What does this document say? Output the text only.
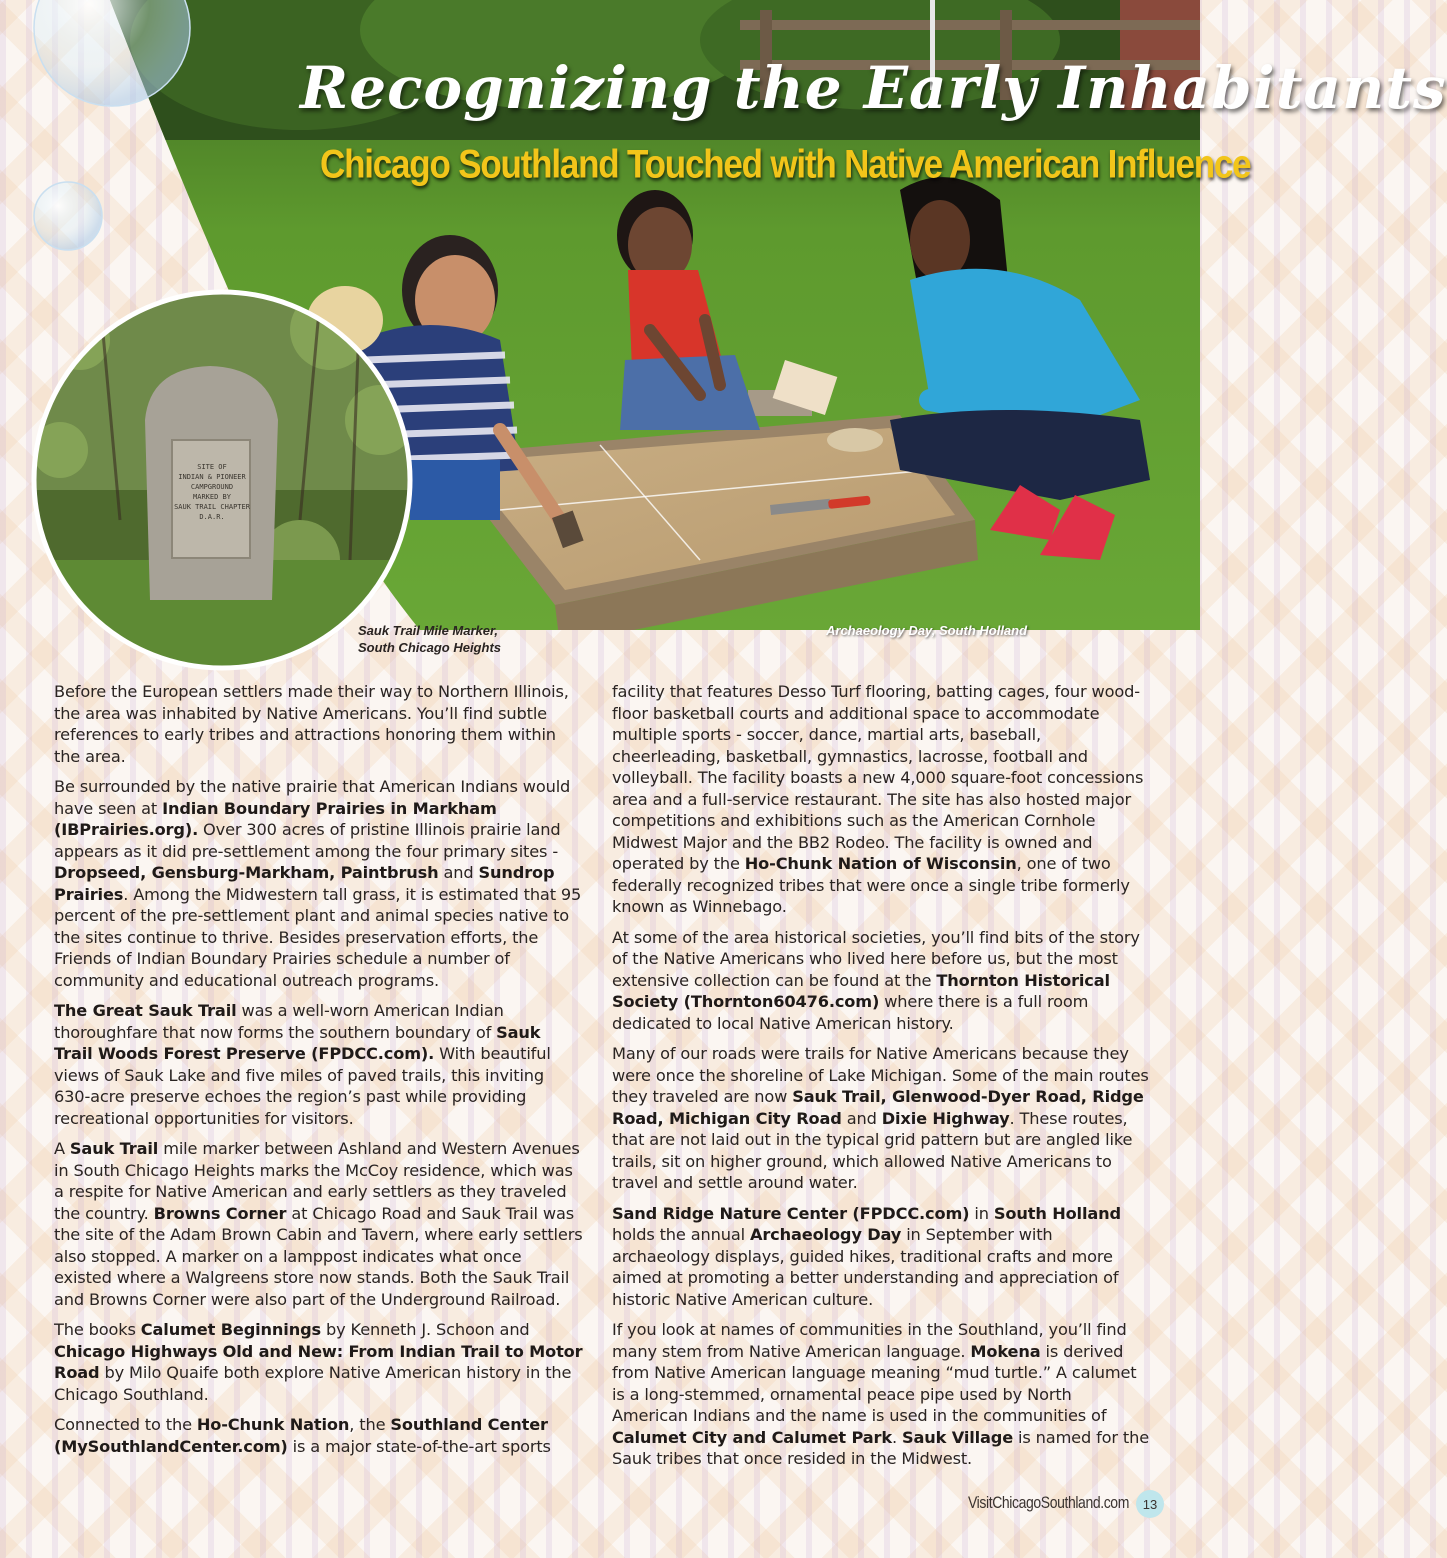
SITE OF
INDIAN & PIONEER
CAMPGROUND
MARKED BY
SAUK TRAIL CHAPTER
D.A.R.
Recognizing the Early Inhabitants
Chicago Southland Touched with Native American Influence
Sauk Trail Mile Marker,
South Chicago Heights
Archaeology Day, South Holland

Before the European settlers made their way to Northern Illinois, the area was inhabited by Native Americans. You’ll find subtle references to early tribes and attractions honoring them within the area.

Be surrounded by the native prairie that American Indians would have seen at Indian Boundary Prairies in Markham (IBPrairies.org). Over 300 acres of pristine Illinois prairie land appears as it did pre-settlement among the four primary sites - Dropseed, Gensburg-Markham, Paintbrush and Sundrop Prairies. Among the Midwestern tall grass, it is estimated that 95 percent of the pre-settlement plant and animal species native to the sites continue to thrive. Besides preservation efforts, the Friends of Indian Boundary Prairies schedule a number of community and educational outreach programs.

The Great Sauk Trail was a well-worn American Indian thoroughfare that now forms the southern boundary of Sauk Trail Woods Forest Preserve (FPDCC.com). With beautiful views of Sauk Lake and five miles of paved trails, this inviting 630-acre preserve echoes the region’s past while providing recreational opportunities for visitors.

A Sauk Trail mile marker between Ashland and Western Avenues in South Chicago Heights marks the McCoy residence, which was a respite for Native American and early settlers as they traveled the country. Browns Corner at Chicago Road and Sauk Trail was the site of the Adam Brown Cabin and Tavern, where early settlers also stopped. A marker on a lamppost indicates what once existed where a Walgreens store now stands. Both the Sauk Trail and Browns Corner were also part of the Underground Railroad.

The books Calumet Beginnings by Kenneth J. Schoon and Chicago Highways Old and New: From Indian Trail to Motor Road by Milo Quaife both explore Native American history in the Chicago Southland.

Connected to the Ho-Chunk Nation, the Southland Center (MySouthlandCenter.com) is a major state-of-the-art sports

facility that features Desso Turf flooring, batting cages, four wood-floor basketball courts and additional space to accommodate multiple sports - soccer, dance, martial arts, baseball, cheerleading, basketball, gymnastics, lacrosse, football and volleyball. The facility boasts a new 4,000 square-foot concessions area and a full-service restaurant. The site has also hosted major competitions and exhibitions such as the American Cornhole Midwest Major and the BB2 Rodeo. The facility is owned and operated by the Ho-Chunk Nation of Wisconsin, one of two federally recognized tribes that were once a single tribe formerly known as Winnebago.

At some of the area historical societies, you’ll find bits of the story of the Native Americans who lived here before us, but the most extensive collection can be found at the Thornton Historical Society (Thornton60476.com) where there is a full room dedicated to local Native American history.

Many of our roads were trails for Native Americans because they were once the shoreline of Lake Michigan. Some of the main routes they traveled are now Sauk Trail, Glenwood-Dyer Road, Ridge Road, Michigan City Road and Dixie Highway. These routes, that are not laid out in the typical grid pattern but are angled like trails, sit on higher ground, which allowed Native Americans to travel and settle around water.

Sand Ridge Nature Center (FPDCC.com) in South Holland holds the annual Archaeology Day in September with archaeology displays, guided hikes, traditional crafts and more aimed at promoting a better understanding and appreciation of historic Native American culture.

If you look at names of communities in the Southland, you’ll find many stem from Native American language. Mokena is derived from Native American language meaning “mud turtle.” A calumet is a long-stemmed, ornamental peace pipe used by North American Indians and the name is used in the communities of Calumet City and Calumet Park. Sauk Village is named for the Sauk tribes that once resided in the Midwest.

VisitChicagoSouthland.com	13
